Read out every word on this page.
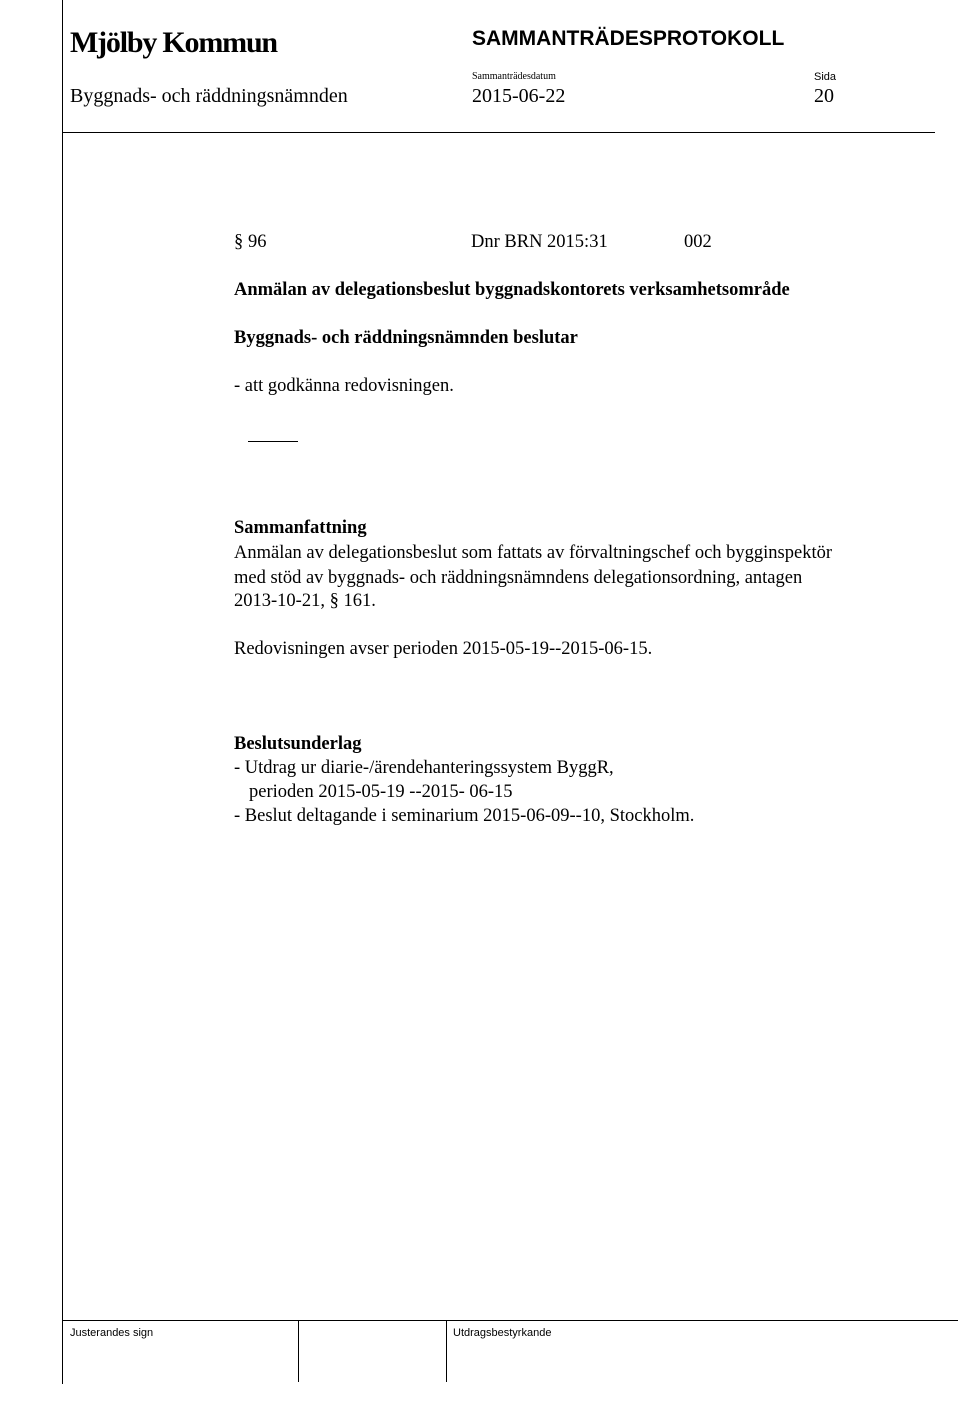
Mjölby Kommun	SAMMANTRÄDESPROTOKOLL
Sammanträdesdatum	Sida
Byggnads- och räddningsnämnden	2015-06-22	20
§ 96	Dnr BRN 2015:31	002
Anmälan av delegationsbeslut byggnadskontorets verksamhetsområde
Byggnads- och räddningsnämnden beslutar
- att godkänna redovisningen.
Sammanfattning
Anmälan av delegationsbeslut som fattats av förvaltningschef och bygginspektör
med stöd av byggnads- och räddningsnämndens delegationsordning, antagen
2013-10-21, § 161.
Redovisningen avser perioden 2015-05-19--2015-06-15.
Beslutsunderlag
- Utdrag ur diarie-/ärendehanteringssystem ByggR,
perioden 2015-05-19 --2015- 06-15
- Beslut deltagande i seminarium 2015-06-09--10, Stockholm.
Justerandes sign	Utdragsbestyrkande
